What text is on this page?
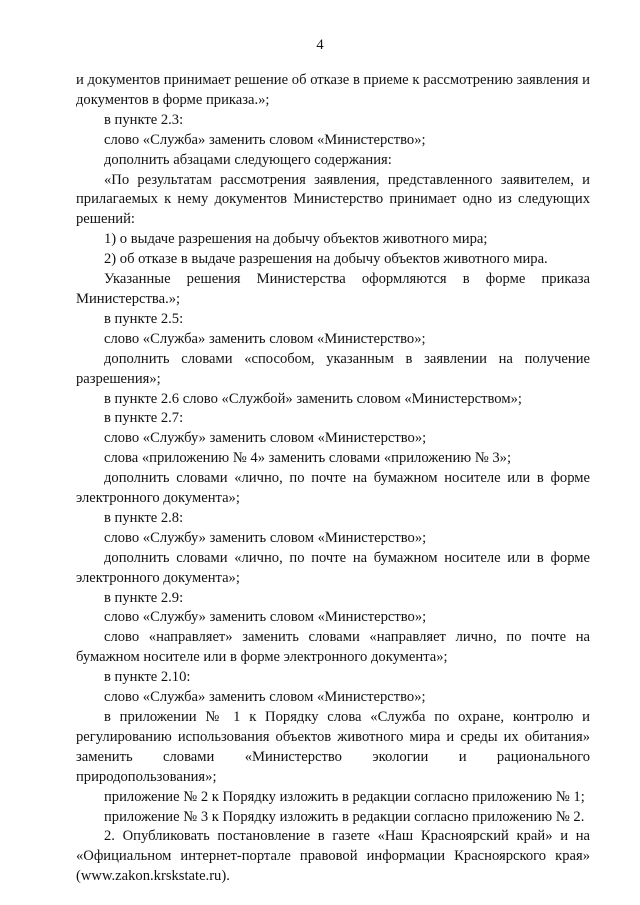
4

и документов принимает решение об отказе в приеме к рассмотрению заявления и документов в форме приказа.»;

в пункте 2.3:

слово «Служба» заменить словом «Министерство»;

дополнить абзацами следующего содержания:

«По результатам рассмотрения заявления, представленного заявителем, и прилагаемых к нему документов Министерство принимает одно из следующих решений:

1) о выдаче разрешения на добычу объектов животного мира;

2) об отказе в выдаче разрешения на добычу объектов животного мира.

Указанные решения Министерства оформляются в форме приказа Министерства.»;

в пункте 2.5:

слово «Служба» заменить словом «Министерство»;

дополнить словами «способом, указанным в заявлении на получение разрешения»;

в пункте 2.6 слово «Службой» заменить словом «Министерством»;

в пункте 2.7:

слово «Службу» заменить словом «Министерство»;

слова «приложению № 4» заменить словами «приложению № 3»;

дополнить словами «лично, по почте на бумажном носителе или в форме электронного документа»;

в пункте 2.8:

слово «Службу» заменить словом «Министерство»;

дополнить словами «лично, по почте на бумажном носителе или в форме электронного документа»;

в пункте 2.9:

слово «Службу» заменить словом «Министерство»;

слово «направляет» заменить словами «направляет лично, по почте на бумажном носителе или в форме электронного документа»;

в пункте 2.10:

слово «Служба» заменить словом «Министерство»;

в приложении № 1 к Порядку слова «Служба по охране, контролю и регулированию использования объектов животного мира и среды их обитания» заменить словами «Министерство экологии и рационального природопользования»;

приложение № 2 к Порядку изложить в редакции согласно приложению № 1;

приложение № 3 к Порядку изложить в редакции согласно приложению № 2.

2. Опубликовать постановление в газете «Наш Красноярский край» и на «Официальном интернет-портале правовой информации Красноярского края» (www.zakon.krskstate.ru).
